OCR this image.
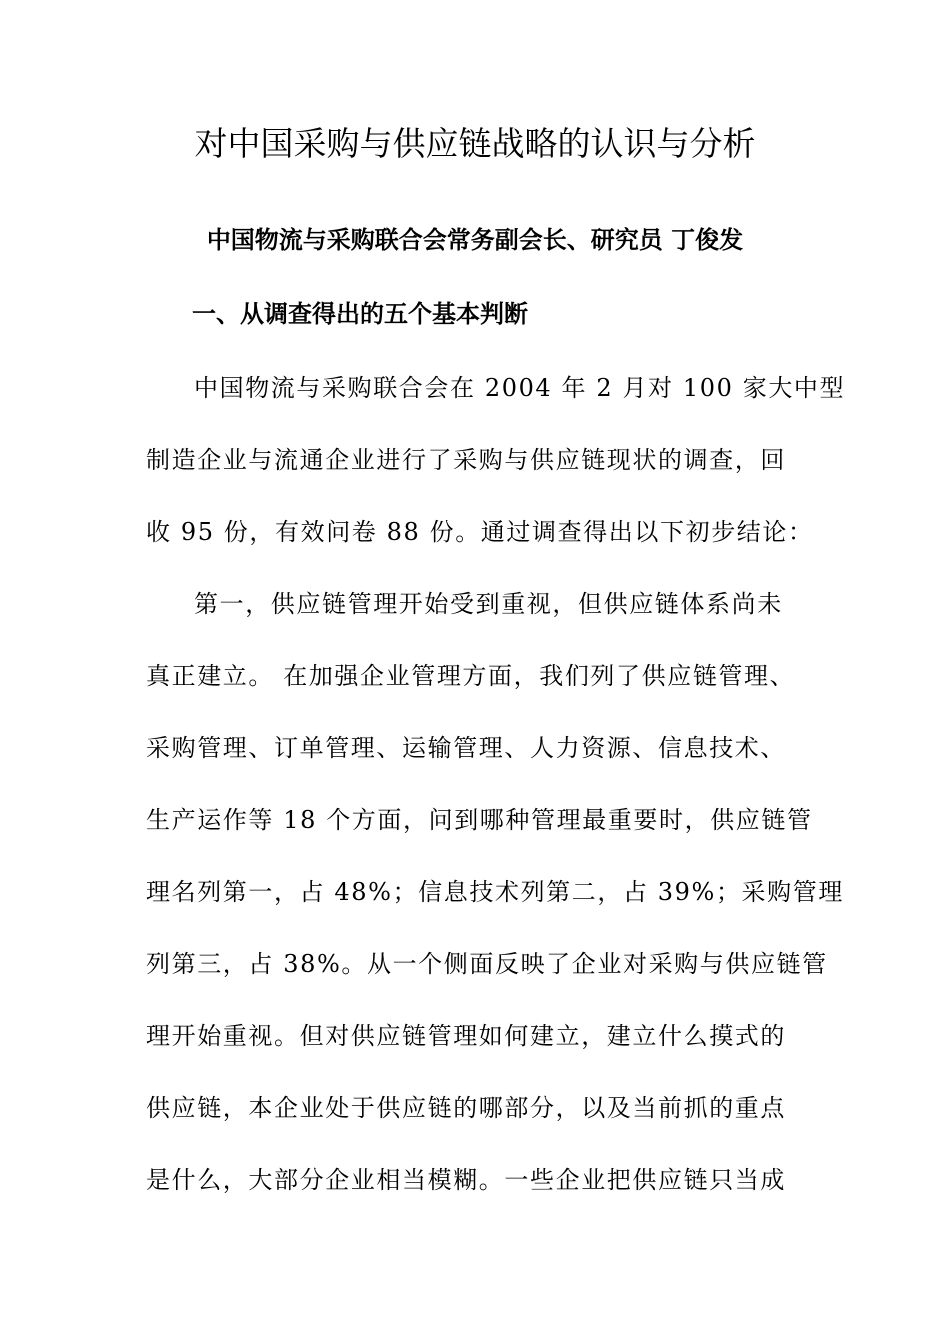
对中国采购与供应链战略的认识与分析

中国物流与采购联合会常务副会长、研究员 丁俊发

一、从调查得出的五个基本判断
中国物流与采购联合会在 2004 年 2 月对 100 家大中型
制造企业与流通企业进行了采购与供应链现状的调查，回
收 95 份，有效问卷 88 份。通过调查得出以下初步结论：
第一，供应链管理开始受到重视，但供应链体系尚未
真正建立。 在加强企业管理方面，我们列了供应链管理、
采购管理、订单管理、运输管理、人力资源、信息技术、
生产运作等 18 个方面，问到哪种管理最重要时，供应链管
理名列第一，占 48%；信息技术列第二，占 39%；采购管理
列第三，占 38%。从一个侧面反映了企业对采购与供应链管
理开始重视。但对供应链管理如何建立，建立什么摸式的
供应链，本企业处于供应链的哪部分，以及当前抓的重点
是什么，大部分企业相当模糊。一些企业把供应链只当成
